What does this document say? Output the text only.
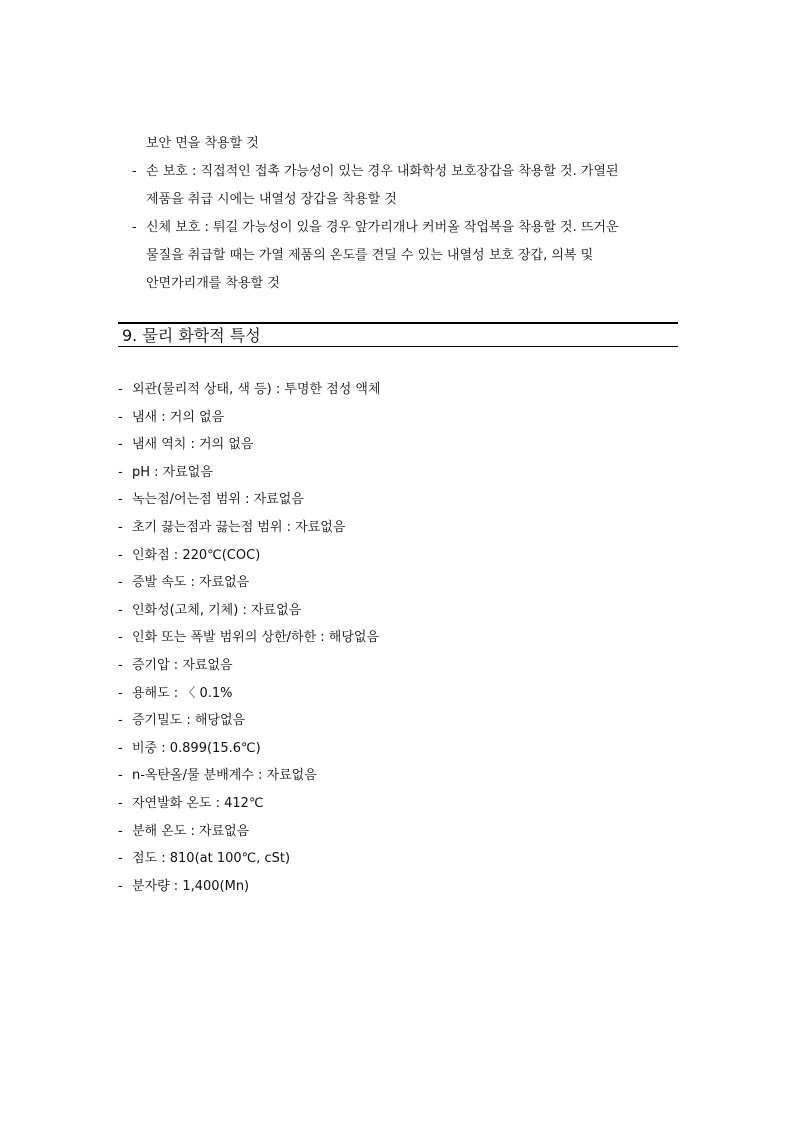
보안 면을 착용할 것
- 손 보호 : 직접적인 접촉 가능성이 있는 경우 내화학성 보호장갑을 착용할 것. 가열된
제품을 취급 시에는 내열성 장갑을 착용할 것
- 신체 보호 : 튀길 가능성이 있을 경우 앞가리개나 커버올 작업복을 착용할 것. 뜨거운
물질을 취급할 때는 가열 제품의 온도를 견딜 수 있는 내열성 보호 장갑, 의복 및
안면가리개를 착용할 것
9. 물리 화학적 특성
- 외관(물리적 상태, 색 등) : 투명한 점성 액체
- 냄새 : 거의 없음
- 냄새 역치 : 거의 없음
- pH : 자료없음
- 녹는점/어는점 범위 : 자료없음
- 초기 끓는점과 끓는점 범위 : 자료없음
- 인화점 : 220℃(COC)
- 증발 속도 : 자료없음
- 인화성(고체, 기체) : 자료없음
- 인화 또는 폭발 범위의 상한/하한 : 해당없음
- 증기압 : 자료없음
- 용해도 : 〈 0.1%
- 증기밀도 : 해당없음
- 비중 : 0.899(15.6℃)
- n-옥탄올/물 분배계수 : 자료없음
- 자연발화 온도 : 412℃
- 분해 온도 : 자료없음
- 점도 : 810(at 100℃, cSt)
- 분자량 : 1,400(Mn)
